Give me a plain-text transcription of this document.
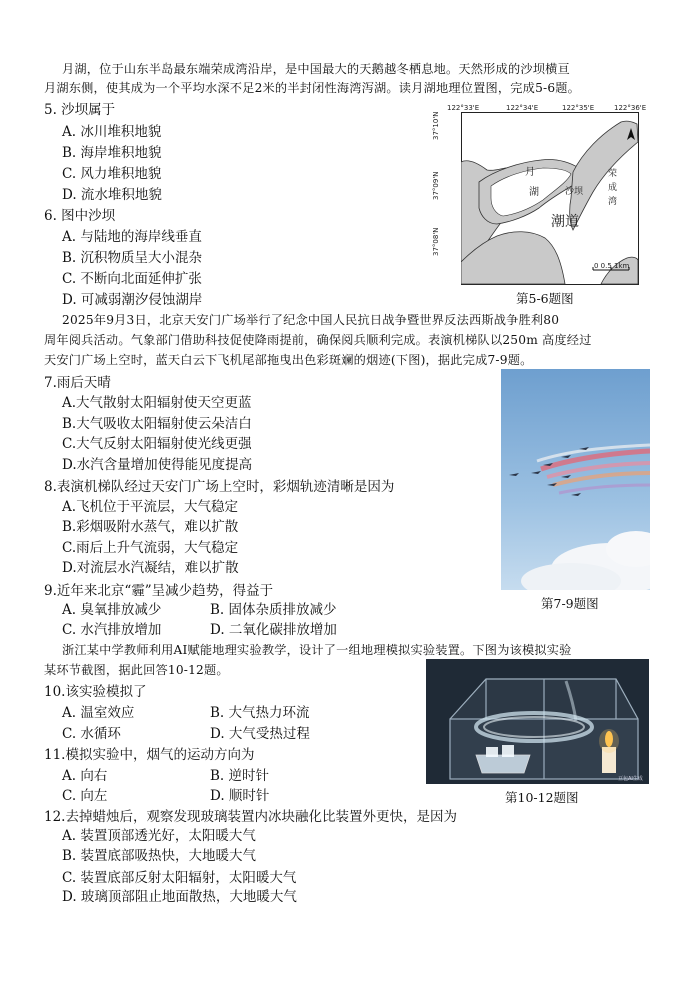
月湖，位于山东半岛最东端荣成湾沿岸，是中国最大的天鹅越冬栖息地。天然形成的沙坝横亘
月湖东侧，使其成为一个平均水深不足2米的半封闭性海湾泻湖。读月湖地理位置图，完成5-6题。
5. 沙坝属于
A. 冰川堆积地貌
B. 海岸堆积地貌
C. 风力堆积地貌
D. 流水堆积地貌
6. 图中沙坝
A. 与陆地的海岸线垂直
B. 沉积物质呈大小混杂
C. 不断向北面延伸扩张
D. 可减弱潮汐侵蚀湖岸
122°33'E	122°34'E	122°35'E	122°36'E
37°10'N
37°09'N
37°08'N
月
湖	沙坝
荣
成
湾
潮道
0 0.5 1km
第5-6题图
2025年9月3日，北京天安门广场举行了纪念中国人民抗日战争暨世界反法西斯战争胜利80
周年阅兵活动。气象部门借助科技促使降雨提前，确保阅兵顺利完成。表演机梯队以250m 高度经过
天安门广场上空时，蓝天白云下飞机尾部拖曳出色彩斑斓的烟迹(下图)，据此完成7-9题。
7.雨后天晴
A.大气散射太阳辐射使天空更蓝
B.大气吸收太阳辐射使云朵洁白
C.大气反射太阳辐射使光线更强
D.水汽含量增加使得能见度提高
8.表演机梯队经过天安门广场上空时，彩烟轨迹清晰是因为
A.飞机位于平流层，大气稳定
B.彩烟吸附水蒸气，难以扩散
C.雨后上升气流弱，大气稳定
D.对流层水汽凝结，难以扩散
9.近年来北京“霾”呈减少趋势，得益于
A. 臭氧排放减少	B. 固体杂质排放减少
C. 水汽排放增加	D. 二氧化碳排放增加
第7-9题图
浙江某中学教师利用AI赋能地理实验教学，设计了一组地理模拟实验装置。下图为该模拟实验
某环节截图，据此回答10-12题。
10.该实验模拟了
A. 温室效应	B. 大气热力环流
C. 水循环	D. 大气受热过程
11.模拟实验中，烟气的运动方向为
A. 向右	B. 逆时针
C. 向左	D. 顺时针
豆包AI生成
第10-12题图
12.去掉蜡烛后，观察发现玻璃装置内冰块融化比装置外更快，是因为
A. 装置顶部透光好，太阳暖大气
B. 装置底部吸热快，大地暖大气
C. 装置底部反射太阳辐射，太阳暖大气
D. 玻璃顶部阻止地面散热，大地暖大气
